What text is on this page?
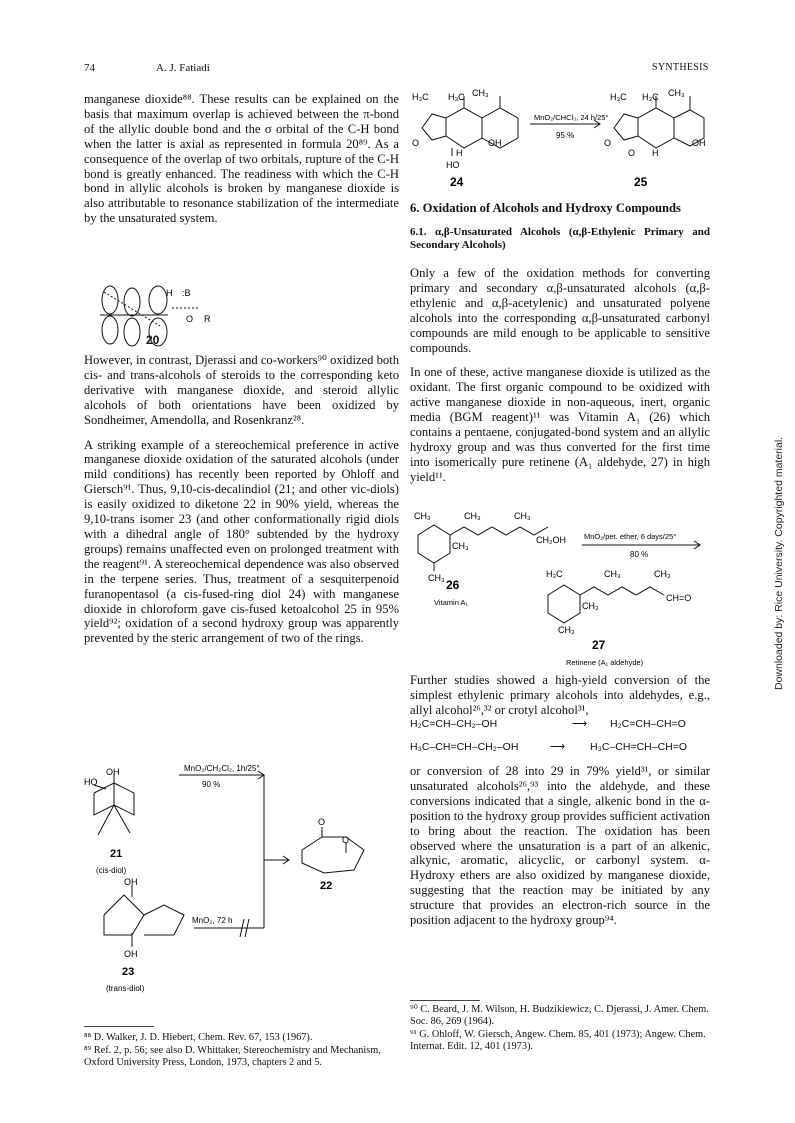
74	A. J. Fatiadi	SYNTHESIS

manganese dioxide⁸⁸. These results can be explained on the basis that maximum overlap is achieved between the π-bond of the allylic double bond and the σ orbital of the C-H bond when the latter is axial as represented in formula 20⁸⁹. As a consequence of the overlap of two orbitals, rupture of the C-H bond is greatly enhanced. The readiness with which the C-H bond in allylic alcohols is broken by manganese dioxide is also attributable to resonance stabilization of the intermediate by the unsaturated system.

H :B
O R
20

However, in contrast, Djerassi and co-workers⁹⁰ oxidized both cis- and trans-alcohols of steroids to the corresponding keto derivative with manganese dioxide, and steroid allylic alcohols of both orientations have been oxidized by Sondheimer, Amendolla, and Rosenkranz²⁸.

A striking example of a stereochemical preference in active manganese dioxide oxidation of the saturated alcohols (under mild conditions) has recently been reported by Ohloff and Giersch⁹¹. Thus, 9,10-cis-decalindiol (21; and other vic-diols) is easily oxidized to diketone 22 in 90% yield, whereas the 9,10-trans isomer 23 (and other conformationally rigid diols with a dihedral angle of 180° subtended by the hydroxy groups) remains unaffected even on prolonged treatment with the reagent⁹¹. A stereochemical dependence was also observed in the terpene series. Thus, treatment of a sesquiterpenoid furanopentasol (a cis-fused-ring diol 24) with manganese dioxide in chloroform gave cis-fused ketoalcohol 25 in 95% yield⁹²; oxidation of a second hydroxy group was apparently prevented by the steric arrangement of two of the rings.

OH
HO
MnO₂/CH₂Cl₂, 1h/25°
90 %
21
(cis-diol)
O
O
22
OH
OH
MnO₂, 72 h
23
(trans-diol)
⁸⁸ D. Walker, J. D. Hiebert, Chem. Rev. 67, 153 (1967).
⁸⁹ Ref. 2, p. 56; see also D. Whittaker, Stereochemistry and Mechanism, Oxford University Press, London, 1973, chapters 2 and 5.
H₃C H₃C CH₃	H₃C H₃C CH₃
MnO₂/CHCl₃, 24 h/25°
95 %
O	OH
H
HO
O
O H
OH
24	25
6. Oxidation of Alcohols and Hydroxy Compounds
6.1. α,β-Unsaturated Alcohols (α,β-Ethylenic Primary and Secondary Alcohols)

Only a few of the oxidation methods for converting primary and secondary α,β-unsaturated alcohols (α,β-ethylenic and α,β-acetylenic) and unsaturated polyene alcohols into the corresponding α,β-unsaturated carbonyl compounds are mild enough to be applicable to sensitive compounds.

In one of these, active manganese dioxide is utilized as the oxidant. The first organic compound to be oxidized with active manganese dioxide in non-aqueous, inert, organic media (BGM reagent)¹¹ was Vitamin A₁ (26) which contains a pentaene, conjugated-bond system and an allylic hydroxy group and was thus converted for the first time into isomerically pure retinene (A₁ aldehyde, 27) in high yield¹¹.

CH₃	CH₃	CH₃
CH₂OH
CH₃
CH₃
MnO₂/pet. ether, 6 days/25°
80 %
26
Vitamin A₁
H₃C	CH₃	CH₃
CH=O
CH₃
CH₃
27
Retinene (A₁ aldehyde)

Further studies showed a high-yield conversion of the simplest ethylenic primary alcohols into aldehydes, e.g., allyl alcohol²⁶,³² or crotyl alcohol³¹,

H₂C=CH–CH₂–OH	⟶ H₂C=CH–CH=O
H₃C–CH=CH–CH₂–OH	⟶ H₃C–CH=CH–CH=O

or conversion of 28 into 29 in 79% yield³¹, or similar unsaturated alcohols²⁶,⁹³ into the aldehyde, and these conversions indicated that a single, alkenic bond in the α-position to the hydroxy group provides sufficient activation to bring about the reaction. The oxidation has been observed where the unsaturation is a part of an alkenic, alkynic, aromatic, alicyclic, or carbonyl system. α-Hydroxy ethers are also oxidized by manganese dioxide, suggesting that the reaction may be initiated by any structure that provides an electron-rich source in the position adjacent to the hydroxy group⁹⁴.

⁹⁰ C. Beard, J. M. Wilson, H. Budzikiewicz, C. Djerassi, J. Amer. Chem. Soc. 86, 269 (1964).
⁹¹ G. Ohloff, W. Giersch, Angew. Chem. 85, 401 (1973); Angew. Chem. Internat. Edit. 12, 401 (1973).
Downloaded by: Rice University. Copyrighted material.
